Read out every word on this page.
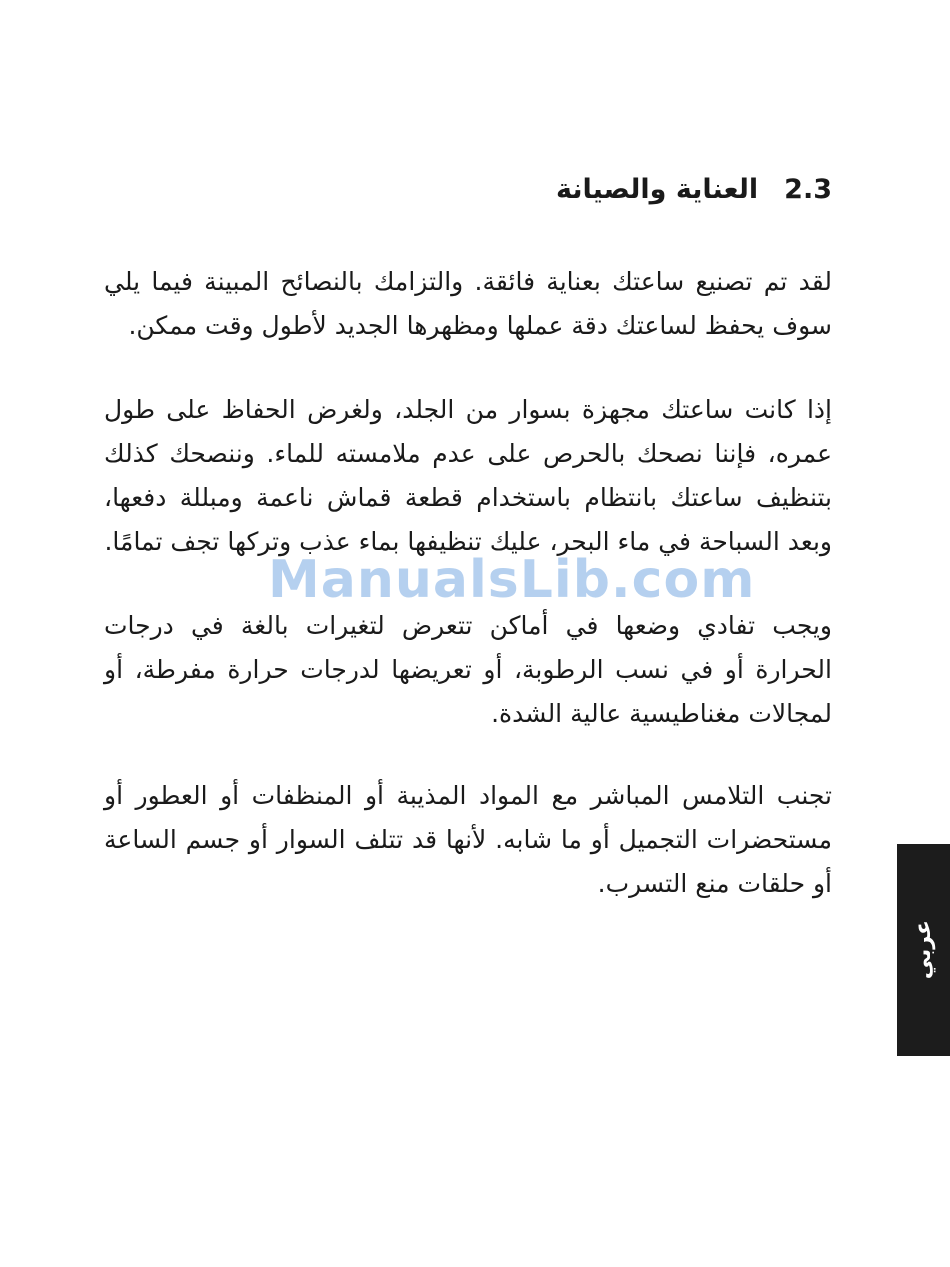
2.3العناية والصيانة

لقد تم تصنيع ساعتك بعناية فائقة. والتزامك بالنصائح المبينة فيما يلي سوف يحفظ لساعتك دقة عملها ومظهرها الجديد لأطول وقت ممكن.

إذا كانت ساعتك مجهزة بسوار من الجلد، ولغرض الحفاظ على طول عمره، فإننا نصحك بالحرص على عدم ملامسته للماء. وننصحك كذلك بتنظيف ساعتك بانتظام باستخدام قطعة قماش ناعمة ومبللة دفعها، وبعد السباحة في ماء البحر، عليك تنظيفها بماء عذب وتركها تجف تمامًا.

ويجب تفادي وضعها في أماكن تتعرض لتغيرات بالغة في درجات الحرارة أو في نسب الرطوبة، أو تعريضها لدرجات حرارة مفرطة، أو لمجالات مغناطيسية عالية الشدة.

تجنب التلامس المباشر مع المواد المذيبة أو المنظفات أو العطور أو مستحضرات التجميل أو ما شابه. لأنها قد تتلف السوار أو جسم الساعة أو حلقات منع التسرب.

ManualsLib.com
عربي
